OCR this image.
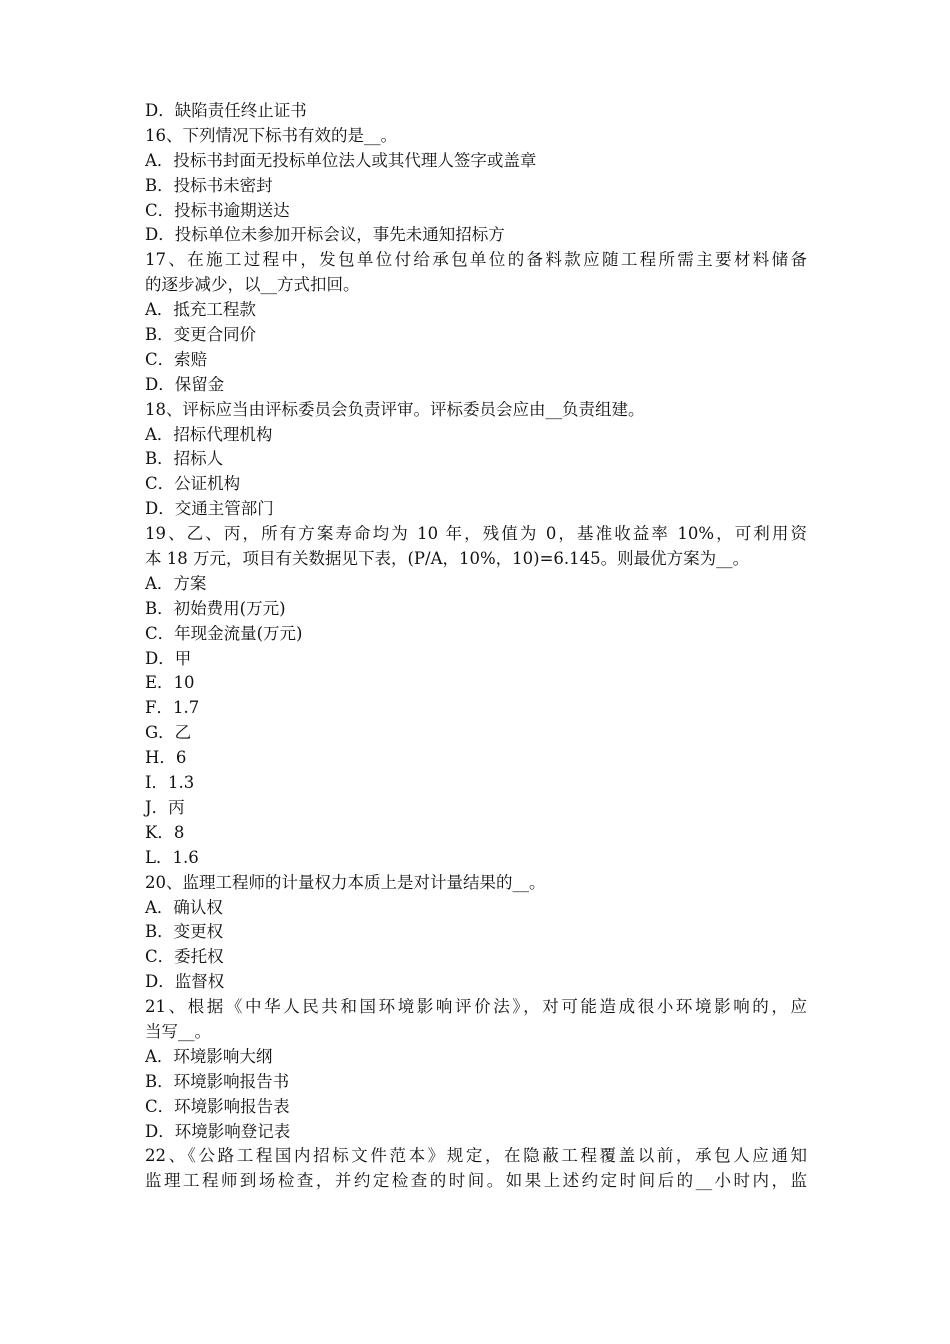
D．缺陷责任终止证书
16、下列情况下标书有效的是__。
A．投标书封面无投标单位法人或其代理人签字或盖章
B．投标书未密封
C．投标书逾期送达
D．投标单位未参加开标会议，事先未通知招标方
17、在施工过程中，发包单位付给承包单位的备料款应随工程所需主要材料储备
的逐步减少，以__方式扣回。
A．抵充工程款
B．变更合同价
C．索赔
D．保留金
18、评标应当由评标委员会负责评审。评标委员会应由__负责组建。
A．招标代理机构
B．招标人
C．公证机构
D．交通主管部门
19、乙、丙，所有方案寿命均为 10 年，残值为 0，基准收益率 10%，可利用资
本 18 万元，项目有关数据见下表，(P/A，10%，10)=6.145。则最优方案为__。
A．方案
B．初始费用(万元)
C．年现金流量(万元)
D．甲
E．10
F．1.7
G．乙
H．6
I．1.3
J．丙
K．8
L．1.6
20、监理工程师的计量权力本质上是对计量结果的__。
A．确认权
B．变更权
C．委托权
D．监督权
21、根据《中华人民共和国环境影响评价法》，对可能造成很小环境影响的，应
当写__。
A．环境影响大纲
B．环境影响报告书
C．环境影响报告表
D．环境影响登记表
22、《公路工程国内招标文件范本》规定，在隐蔽工程覆盖以前，承包人应通知
监理工程师到场检查，并约定检查的时间。如果上述约定时间后的__小时内，监
